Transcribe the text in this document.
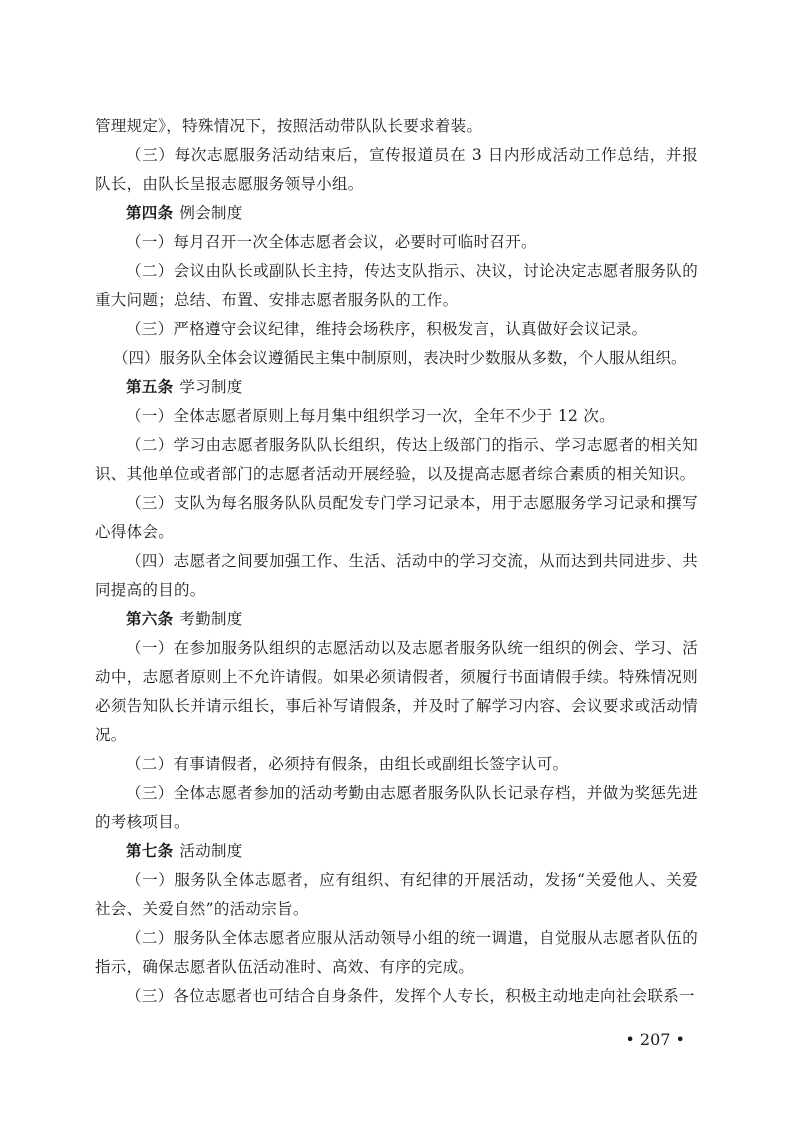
管理规定》，特殊情况下，按照活动带队队长要求着装。

（三）每次志愿服务活动结束后，宣传报道员在 3 日内形成活动工作总结，并报队长，由队长呈报志愿服务领导小组。

第四条 例会制度

（一）每月召开一次全体志愿者会议，必要时可临时召开。

（二）会议由队长或副队长主持，传达支队指示、决议，讨论决定志愿者服务队的重大问题；总结、布置、安排志愿者服务队的工作。

（三）严格遵守会议纪律，维持会场秩序，积极发言，认真做好会议记录。

（四）服务队全体会议遵循民主集中制原则，表决时少数服从多数，个人服从组织。

第五条 学习制度

（一）全体志愿者原则上每月集中组织学习一次，全年不少于 12 次。

（二）学习由志愿者服务队队长组织，传达上级部门的指示、学习志愿者的相关知识、其他单位或者部门的志愿者活动开展经验，以及提高志愿者综合素质的相关知识。

（三）支队为每名服务队队员配发专门学习记录本，用于志愿服务学习记录和撰写心得体会。

（四）志愿者之间要加强工作、生活、活动中的学习交流，从而达到共同进步、共同提高的目的。

第六条 考勤制度

（一）在参加服务队组织的志愿活动以及志愿者服务队统一组织的例会、学习、活动中，志愿者原则上不允许请假。如果必须请假者，须履行书面请假手续。特殊情况则必须告知队长并请示组长，事后补写请假条，并及时了解学习内容、会议要求或活动情况。

（二）有事请假者，必须持有假条，由组长或副组长签字认可。

（三）全体志愿者参加的活动考勤由志愿者服务队队长记录存档，并做为奖惩先进的考核项目。

第七条 活动制度

（一）服务队全体志愿者，应有组织、有纪律的开展活动，发扬“关爱他人、关爱社会、关爱自然”的活动宗旨。

（二）服务队全体志愿者应服从活动领导小组的统一调遣，自觉服从志愿者队伍的指示，确保志愿者队伍活动准时、高效、有序的完成。

（三）各位志愿者也可结合自身条件，发挥个人专长，积极主动地走向社会联系一

• 207 •
